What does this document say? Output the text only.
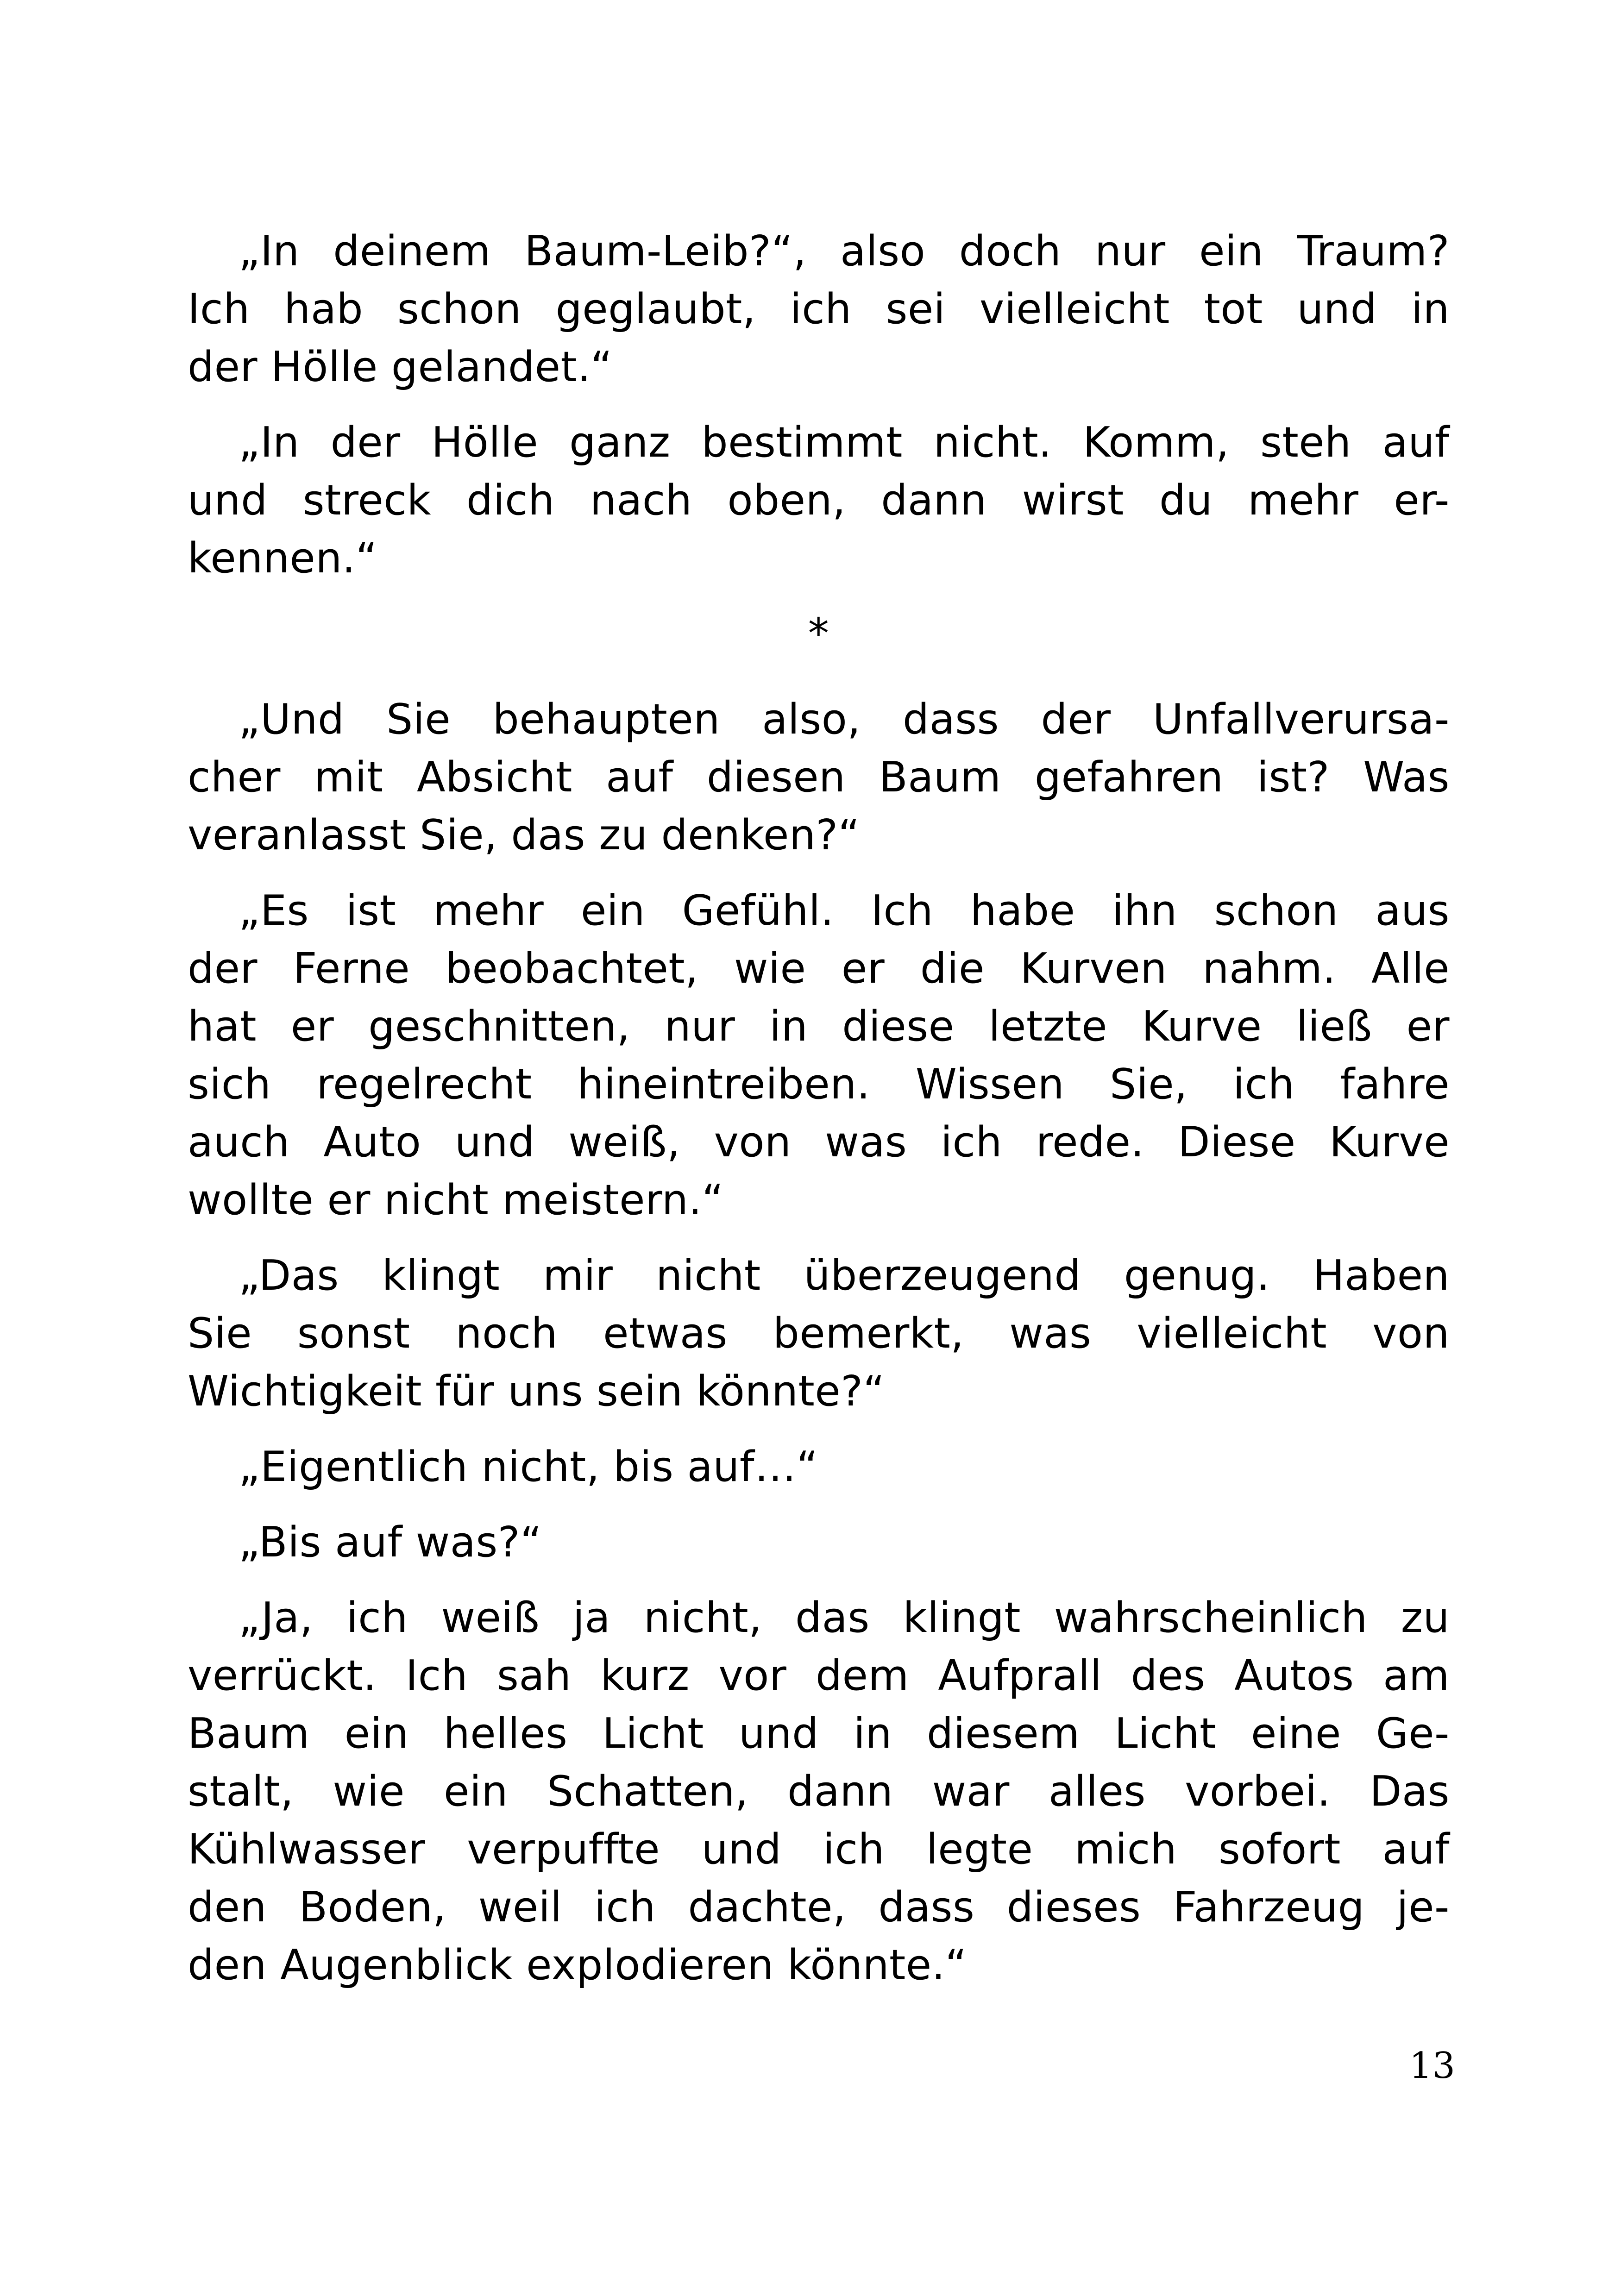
„In deinem Baum-Leib?“, also doch nur ein Traum?
Ich hab schon geglaubt, ich sei vielleicht tot und in
der Hölle gelandet.“
„In der Hölle ganz bestimmt nicht. Komm, steh auf
und streck dich nach oben, dann wirst du mehr er-
kennen.“
*
„Und Sie behaupten also, dass der Unfallverursa-
cher mit Absicht auf diesen Baum gefahren ist? Was
veranlasst Sie, das zu denken?“
„Es ist mehr ein Gefühl. Ich habe ihn schon aus
der Ferne beobachtet, wie er die Kurven nahm. Alle
hat er geschnitten, nur in diese letzte Kurve ließ er
sich regelrecht hineintreiben. Wissen Sie, ich fahre
auch Auto und weiß, von was ich rede. Diese Kurve
wollte er nicht meistern.“
„Das klingt mir nicht überzeugend genug. Haben
Sie sonst noch etwas bemerkt, was vielleicht von
Wichtigkeit für uns sein könnte?“
„Eigentlich nicht, bis auf…“
„Bis auf was?“
„Ja, ich weiß ja nicht, das klingt wahrscheinlich zu
verrückt. Ich sah kurz vor dem Aufprall des Autos am
Baum ein helles Licht und in diesem Licht eine Ge-
stalt, wie ein Schatten, dann war alles vorbei. Das
Kühlwasser verpuffte und ich legte mich sofort auf
den Boden, weil ich dachte, dass dieses Fahrzeug je-
den Augenblick explodieren könnte.“
13
